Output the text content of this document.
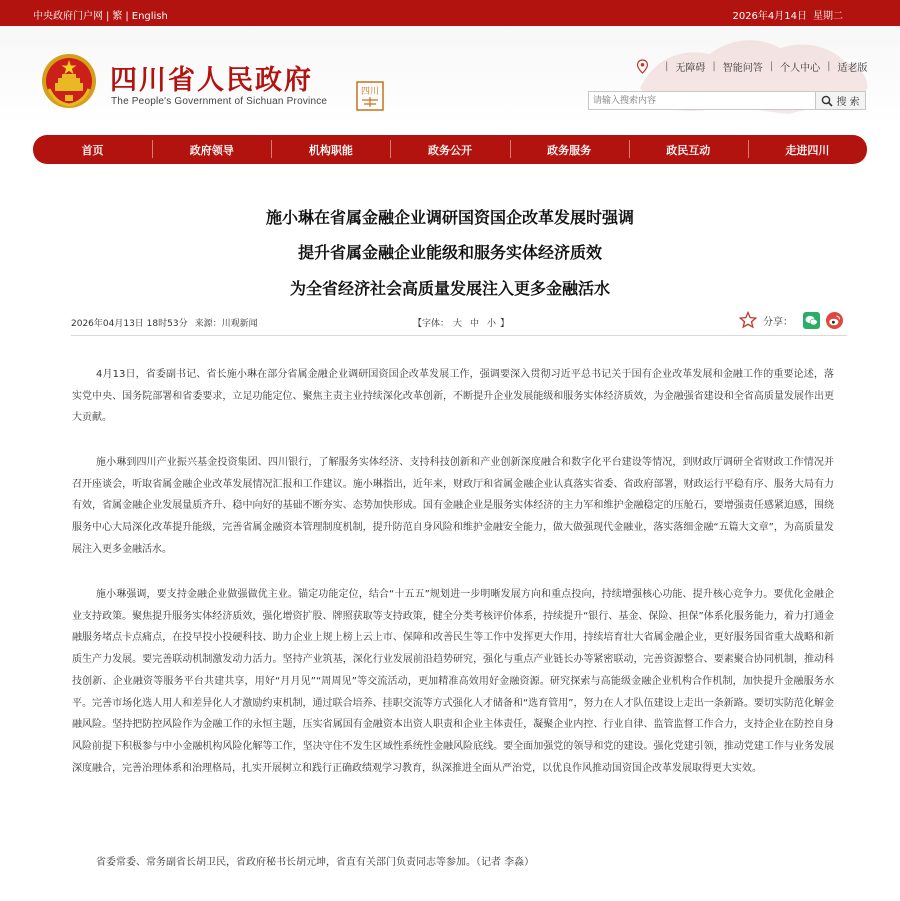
中央政府门户网 | 繁 | English	2026年4月14日 星期二
四川省人民政府
The People's Government of Sichuan Province
四川
| 无障碍 | 智能问答 | 个人中心 | 适老版
请输入搜索内容
搜 索
首页	政府领导	机构职能	政务公开	政务服务	政民互动	走进四川
施小琳在省属金融企业调研国资国企改革发展时强调
提升省属金融企业能级和服务实体经济质效
为全省经济社会高质量发展注入更多金融活水
2026年04月13日 18时53分 来源：川观新闻	【字体： 大 中 小 】	分享：

4月13日，省委副书记、省长施小琳在部分省属金融企业调研国资国企改革发展工作，强调要深入贯彻习近平总书记关于国有企业改革发展和金融工作的重要论述，落实党中央、国务院部署和省委要求，立足功能定位、聚焦主责主业持续深化改革创新，不断提升企业发展能级和服务实体经济质效，为金融强省建设和全省高质量发展作出更大贡献。

施小琳到四川产业振兴基金投资集团、四川银行，了解服务实体经济、支持科技创新和产业创新深度融合和数字化平台建设等情况，到财政厅调研全省财政工作情况并召开座谈会，听取省属金融企业改革发展情况汇报和工作建议。施小琳指出，近年来，财政厅和省属金融企业认真落实省委、省政府部署，财政运行平稳有序、服务大局有力有效，省属金融企业发展量质齐升、稳中向好的基础不断夯实、态势加快形成。国有金融企业是服务实体经济的主力军和维护金融稳定的压舱石，要增强责任感紧迫感，围绕服务中心大局深化改革提升能级，完善省属金融资本管理制度机制，提升防范自身风险和维护金融安全能力，做大做强现代金融业，落实落细金融“五篇大文章”，为高质量发展注入更多金融活水。

施小琳强调，要支持金融企业做强做优主业。锚定功能定位，结合“十五五”规划进一步明晰发展方向和重点投向，持续增强核心功能、提升核心竞争力。要优化金融企业支持政策。聚焦提升服务实体经济质效，强化增资扩股、牌照获取等支持政策，健全分类考核评价体系，持续提升“银行、基金、保险、担保”体系化服务能力，着力打通金融服务堵点卡点痛点，在投早投小投硬科技、助力企业上规上榜上云上市、保障和改善民生等工作中发挥更大作用，持续培育壮大省属金融企业，更好服务国省重大战略和新质生产力发展。要完善联动机制激发动力活力。坚持产业筑基，深化行业发展前沿趋势研究，强化与重点产业链长办等紧密联动，完善资源整合、要素聚合协同机制，推动科技创新、企业融资等服务平台共建共享，用好“月月见”“周周见”等交流活动，更加精准高效用好金融资源。研究探索与高能级金融企业机构合作机制，加快提升金融服务水平。完善市场化选人用人和差异化人才激励约束机制，通过联合培养、挂职交流等方式强化人才储备和“选育管用”，努力在人才队伍建设上走出一条新路。要切实防范化解金融风险。坚持把防控风险作为金融工作的永恒主题，压实省属国有金融资本出资人职责和企业主体责任，凝聚企业内控、行业自律、监管监督工作合力，支持企业在防控自身风险前提下积极参与中小金融机构风险化解等工作，坚决守住不发生区域性系统性金融风险底线。要全面加强党的领导和党的建设。强化党建引领，推动党建工作与业务发展深度融合，完善治理体系和治理格局，扎实开展树立和践行正确政绩观学习教育，纵深推进全面从严治党，以优良作风推动国资国企改革发展取得更大实效。

省委常委、常务副省长胡卫民，省政府秘书长胡元坤，省直有关部门负责同志等参加。（记者 李淼）
